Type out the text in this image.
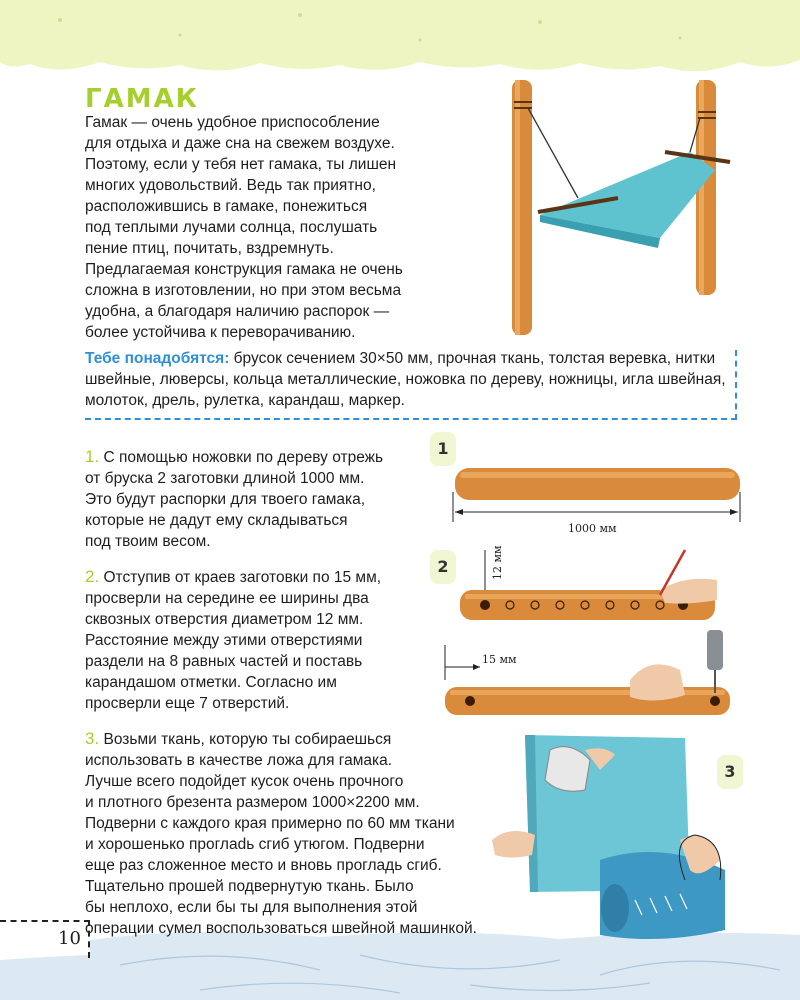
ГАМАК
Гамак — очень удобное приспособление
для отдыха и даже сна на свежем воздухе.
Поэтому, если у тебя нет гамака, ты лишен
многих удовольствий. Ведь так приятно,
расположившись в гамаке, понежиться
под теплыми лучами солнца, послушать
пение птиц, почитать, вздремнуть.
Предлагаемая конструкция гамака не очень
сложна в изготовлении, но при этом весьма
удобна, а благодаря наличию распорок —
более устойчива к переворачиванию.
Тебе понадобятся: брусок сечением 30×50 мм, прочная ткань, толстая веревка, нитки швейные, люверсы, кольца металлические, ножовка по дереву, ножницы, игла швейная, молоток, дрель, рулетка, карандаш, маркер.
1. С помощью ножовки по дереву отрежь
от бруска 2 заготовки длиной 1000 мм.
Это будут распорки для твоего гамака,
которые не дадут ему складываться
под твоим весом.
2. Отступив от краев заготовки по 15 мм,
просверли на середине ее ширины два
сквозных отверстия диаметром 12 мм.
Расстояние между этими отверстиями
раздели на 8 равных частей и поставь
карандашом отметки. Согласно им
просверли еще 7 отверстий.
3. Возьми ткань, которую ты собираешься
использовать в качестве ложа для гамака.
Лучше всего подойдет кусок очень прочного
и плотного брезента размером 1000×2200 мм.
Подверни с каждого края примерно по 60 мм ткани
и хорошенько проглadь сгиб утюгом. Подверни
еще раз сложенное место и вновь проглaдь сгиб.
Тщательно прошей подвернутую ткань. Было
бы неплохо, если бы ты для выполнения этой
операции сумел воспользоваться швейной машинкой.
1
2
3
1000 мм
12 мм
15 мм
10
